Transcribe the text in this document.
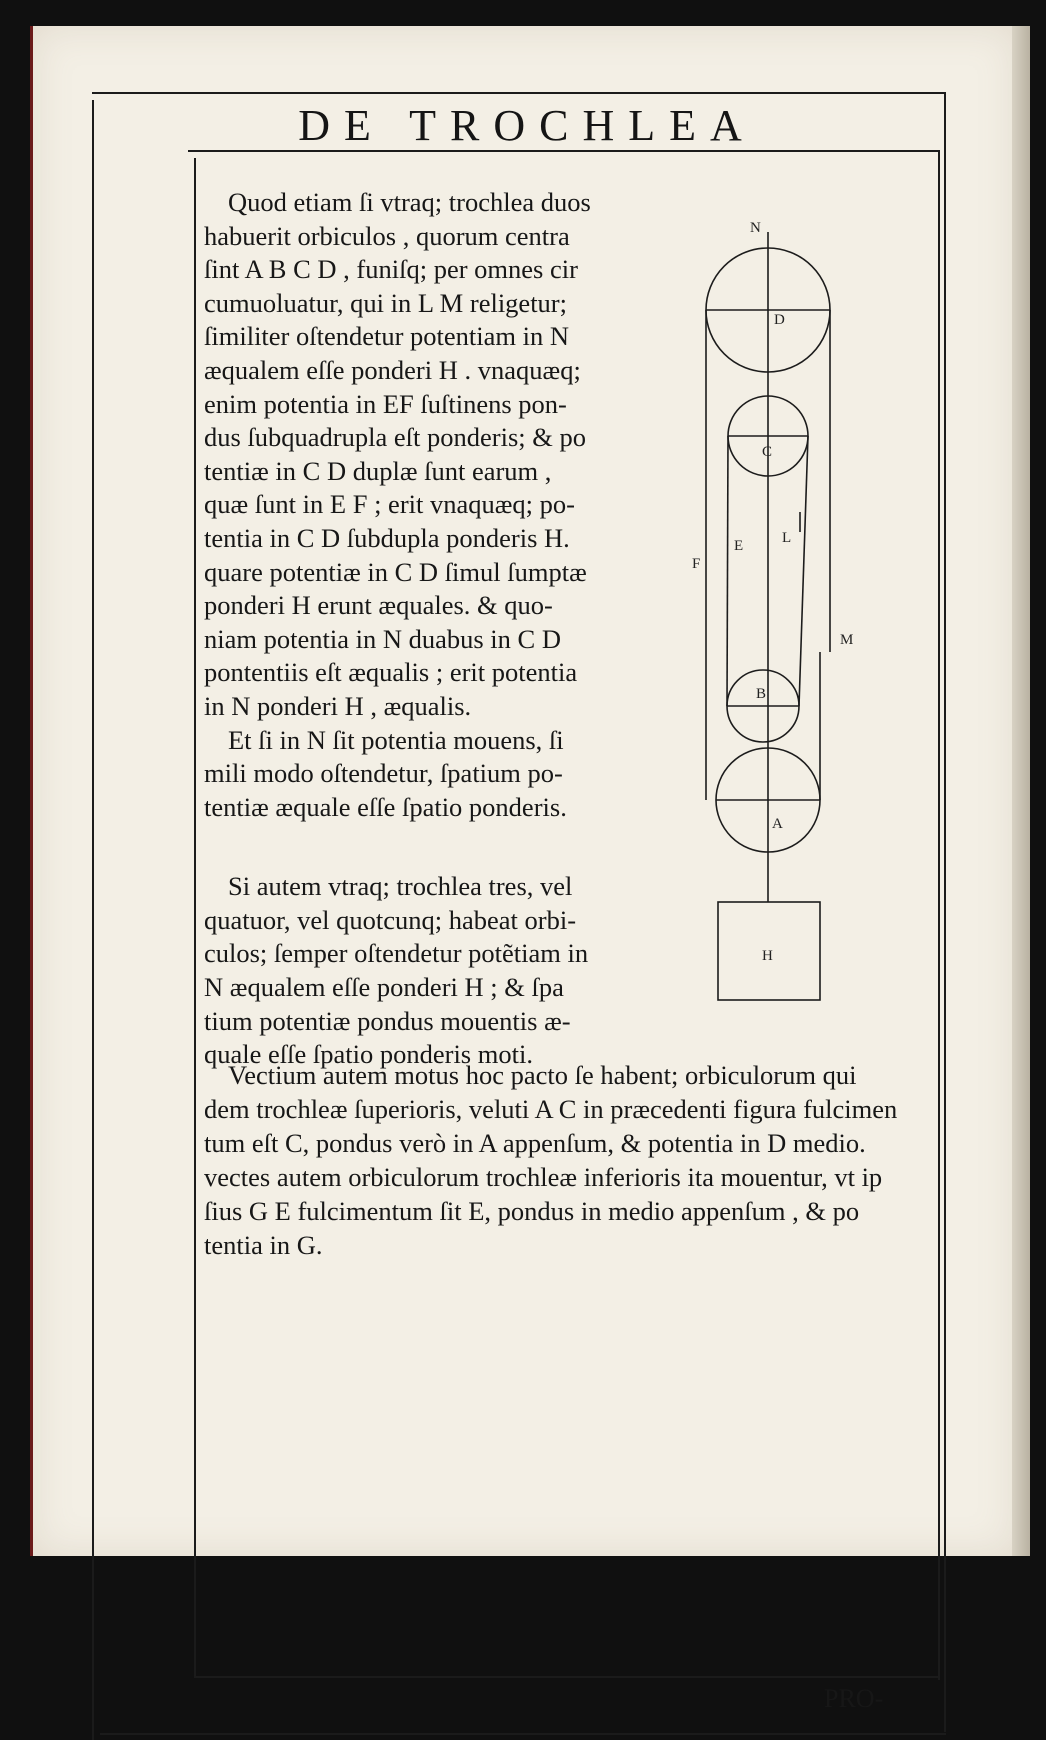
DE TROCHLEA
Quod etiam ſi vtraq; trochlea duos
habuerit orbiculos , quorum centra
ſint A B C D , funiſq; per omnes cir
cumuoluatur, qui in L M religetur;
ſimiliter oſtendetur potentiam in N
æqualem eſſe ponderi H . vnaquæq;
enim potentia in EF ſuſtinens pon-
dus ſubquadrupla eſt ponderis; & po
tentiæ in C D duplæ ſunt earum ,
quæ ſunt in E F ; erit vnaquæq; po-
tentia in C D ſubdupla ponderis H.
quare potentiæ in C D ſimul ſumptæ
ponderi H erunt æquales. & quo-
niam potentia in N duabus in C D
pontentiis eſt æqualis ; erit potentia
in N ponderi H , æqualis.
Et ſi in N ſit potentia mouens, ſi
mili modo oſtendetur, ſpatium po-
tentiæ æquale eſſe ſpatio ponderis.
Si autem vtraq; trochlea tres, vel
quatuor, vel quotcunq; habeat orbi-
culos; ſemper oſtendetur potẽtiam in
N æqualem eſſe ponderi H ; & ſpa
tium potentiæ pondus mouentis æ-
quale eſſe ſpatio ponderis moti.
Vectium autem motus hoc pacto ſe habent; orbiculorum qui
dem trochleæ ſuperioris, veluti A C in præcedenti figura fulcimen
tum eſt C, pondus verò in A appenſum, & potentia in D medio.
vectes autem orbiculorum trochleæ inferioris ita mouentur, vt ip
ſius G E fulcimentum ſit E, pondus in medio appenſum , & po
tentia in G.
N
D
C
E	L
F
M
B
A
H
PRO-
